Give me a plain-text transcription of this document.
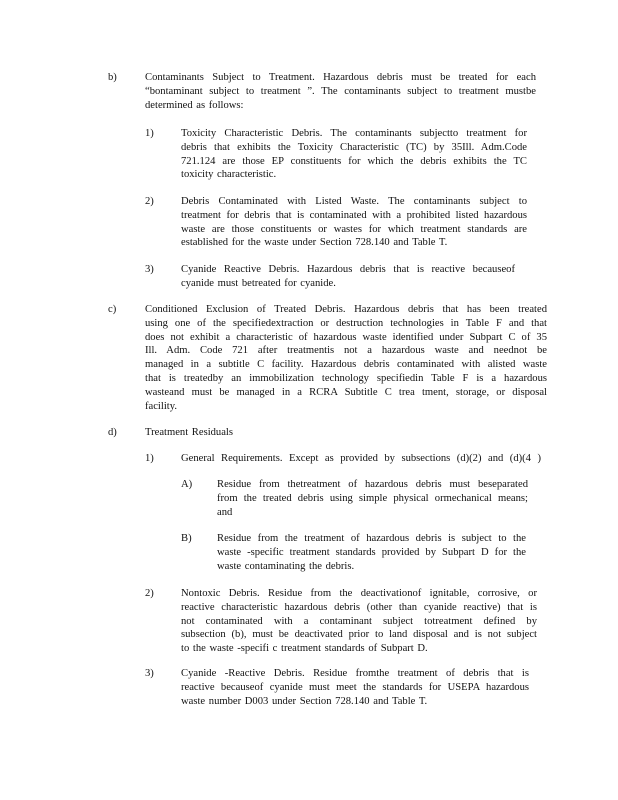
b)	Contaminants Subject to Treatment. Hazardous debris must be treated for each
“bontaminant subject to treatment ”. The contaminants subject to treatment mustbe
determined as follows:

1)	Toxicity Characteristic Debris. The contaminants subjectto treatment for
debris that exhibits the Toxicity Characteristic (TC) by 35Ill. Adm.Code
721.124 are those EP constituents for which the debris exhibits the TC
toxicity characteristic.

2)	Debris Contaminated with Listed Waste. The contaminants subject to
treatment for debris that is contaminated with a prohibited listed hazardous
waste are those constituents or wastes for which treatment standards are
established for the waste under Section 728.140 and Table T.

3)	Cyanide Reactive Debris. Hazardous debris that is reactive becauseof
cyanide must betreated for cyanide.

c)	Conditioned Exclusion of Treated Debris. Hazardous debris that has been treated
using one of the specifiedextraction or destruction technologies in Table F and that
does not exhibit a characteristic of hazardous waste identified under Subpart C of 35
Ill. Adm. Code 721 after treatmentis not a hazardous waste and neednot be
managed in a subtitle C facility. Hazardous debris contaminated with alisted waste
that is treatedby an immobilization technology specifiedin Table F is a hazardous
wasteand must be managed in a RCRA Subtitle C trea tment, storage, or disposal
facility.

d)	Treatment Residuals

1)	General Requirements. Except as provided by subsections (d)(2) and (d)(4 )

A) Residue from thetreatment of hazardous debris must beseparated
from the treated debris using simple physical ormechanical means;
and

B) Residue from the treatment of hazardous debris is subject to the
waste -specific treatment standards provided by Subpart D for the
waste contaminating the debris.

2)	Nontoxic Debris. Residue from the deactivationof ignitable, corrosive, or
reactive characteristic hazardous debris (other than cyanide reactive) that is
not contaminated with a contaminant subject totreatment defined by
subsection (b), must be deactivated prior to land disposal and is not subject
to the waste -specifi c treatment standards of Subpart D.

3)	Cyanide -Reactive Debris. Residue fromthe treatment of debris that is
reactive becauseof cyanide must meet the standards for USEPA hazardous
waste number D003 under Section 728.140 and Table T.
